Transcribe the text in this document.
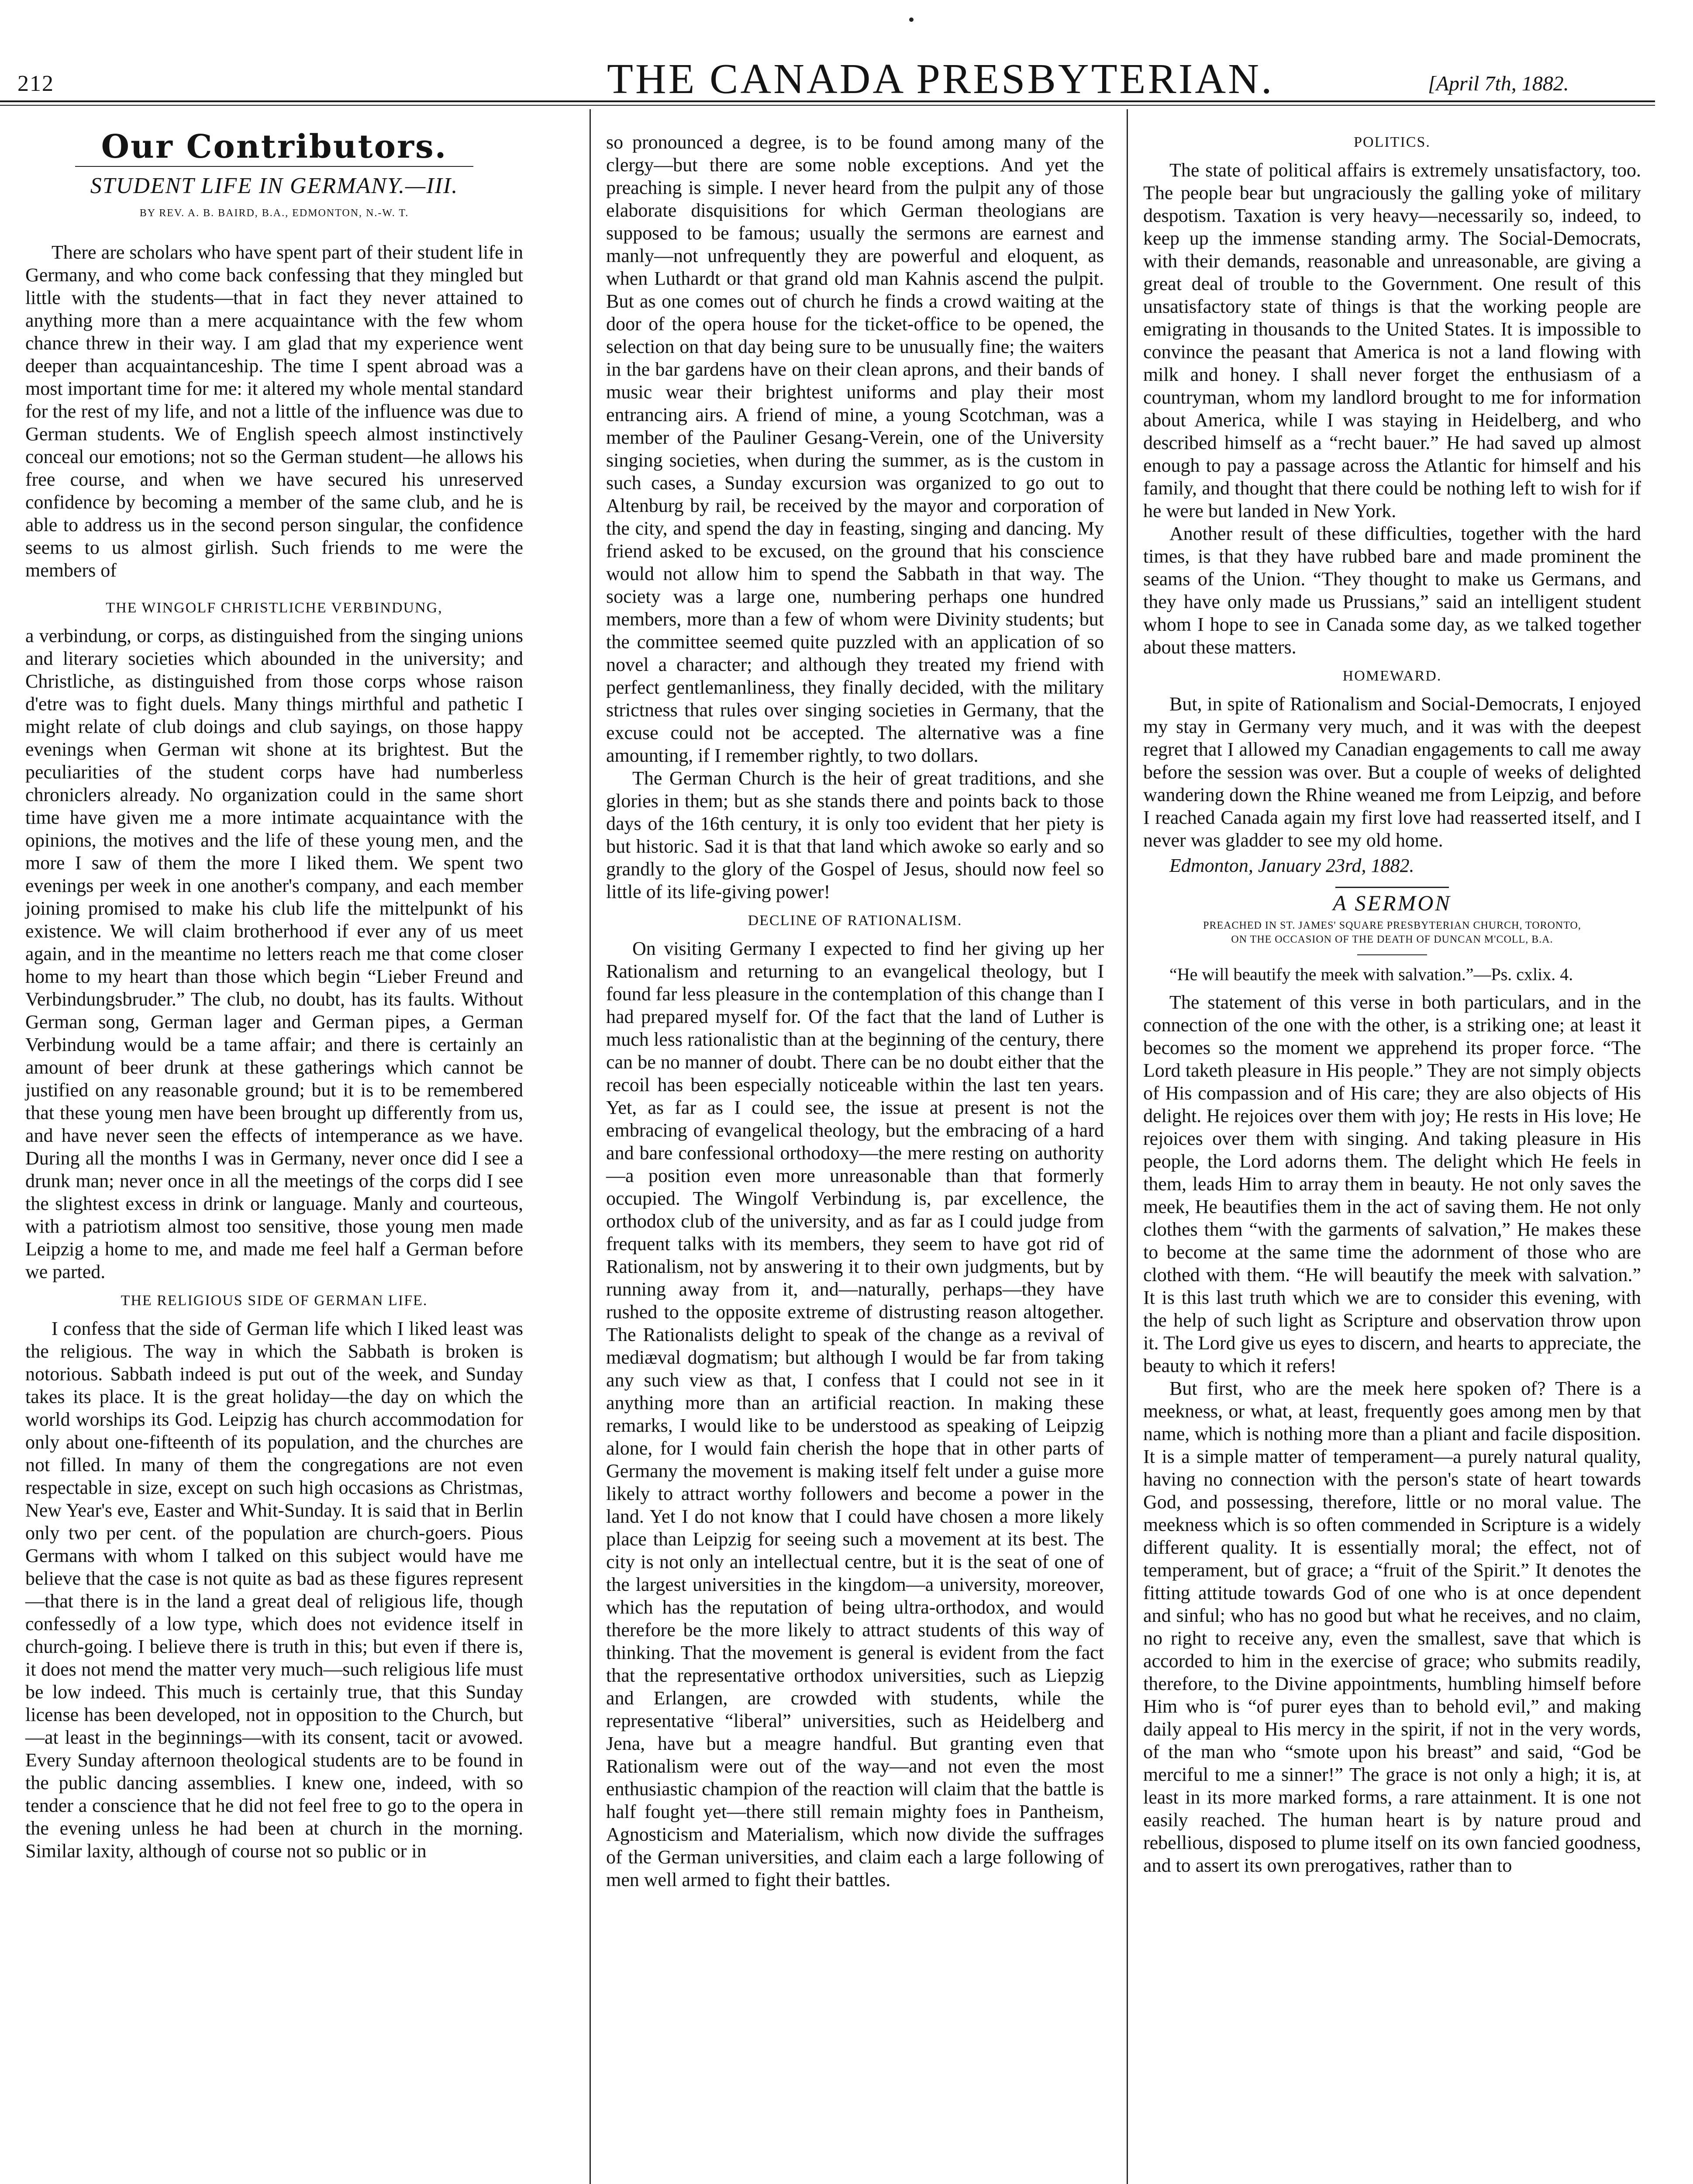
212	THE CANADA PRESBYTERIAN.	[April 7th, 1882.
Our Contributors.
STUDENT LIFE IN GERMANY.—III.
BY REV. A. B. BAIRD, B.A., EDMONTON, N.-W. T.

There are scholars who have spent part of their student life in Germany, and who come back confessing that they mingled but little with the students—that in fact they never attained to anything more than a mere acquaintance with the few whom chance threw in their way. I am glad that my experience went deeper than acquaintanceship. The time I spent abroad was a most important time for me: it altered my whole mental standard for the rest of my life, and not a little of the influence was due to German students. We of English speech almost instinctively conceal our emotions; not so the German student—he allows his free course, and when we have secured his unreserved confidence by becoming a member of the same club, and he is able to address us in the second person singular, the confidence seems to us almost girlish. Such friends to me were the members of

THE WINGOLF CHRISTLICHE VERBINDUNG,

a verbindung, or corps, as distinguished from the singing unions and literary societies which abounded in the university; and Christliche, as distinguished from those corps whose raison d'etre was to fight duels. Many things mirthful and pathetic I might relate of club doings and club sayings, on those happy evenings when German wit shone at its brightest. But the peculiarities of the student corps have had numberless chroniclers already. No organization could in the same short time have given me a more intimate acquaintance with the opinions, the motives and the life of these young men, and the more I saw of them the more I liked them. We spent two evenings per week in one another's company, and each member joining promised to make his club life the mittelpunkt of his existence. We will claim brotherhood if ever any of us meet again, and in the meantime no letters reach me that come closer home to my heart than those which begin “Lieber Freund and Verbindungsbruder.” The club, no doubt, has its faults. Without German song, German lager and German pipes, a German Verbindung would be a tame affair; and there is certainly an amount of beer drunk at these gatherings which cannot be justified on any reasonable ground; but it is to be remembered that these young men have been brought up differently from us, and have never seen the effects of intemperance as we have. During all the months I was in Germany, never once did I see a drunk man; never once in all the meetings of the corps did I see the slightest excess in drink or language. Manly and courteous, with a patriotism almost too sensitive, those young men made Leipzig a home to me, and made me feel half a German before we parted.

THE RELIGIOUS SIDE OF GERMAN LIFE.

I confess that the side of German life which I liked least was the religious. The way in which the Sabbath is broken is notorious. Sabbath indeed is put out of the week, and Sunday takes its place. It is the great holiday—the day on which the world worships its God. Leipzig has church accommodation for only about one-fifteenth of its population, and the churches are not filled. In many of them the congregations are not even respectable in size, except on such high occasions as Christmas, New Year's eve, Easter and Whit-Sunday. It is said that in Berlin only two per cent. of the population are church-goers. Pious Germans with whom I talked on this subject would have me believe that the case is not quite as bad as these figures represent—that there is in the land a great deal of religious life, though confessedly of a low type, which does not evidence itself in church-going. I believe there is truth in this; but even if there is, it does not mend the matter very much—such religious life must be low indeed. This much is certainly true, that this Sunday license has been developed, not in opposition to the Church, but—at least in the beginnings—with its consent, tacit or avowed. Every Sunday afternoon theological students are to be found in the public dancing assemblies. I knew one, indeed, with so tender a conscience that he did not feel free to go to the opera in the evening unless he had been at church in the morning. Similar laxity, although of course not so public or in

so pronounced a degree, is to be found among many of the clergy—but there are some noble exceptions. And yet the preaching is simple. I never heard from the pulpit any of those elaborate disquisitions for which German theologians are supposed to be famous; usually the sermons are earnest and manly—not unfrequently they are powerful and eloquent, as when Luthardt or that grand old man Kahnis ascend the pulpit. But as one comes out of church he finds a crowd waiting at the door of the opera house for the ticket-office to be opened, the selection on that day being sure to be unusually fine; the waiters in the bar gardens have on their clean aprons, and their bands of music wear their brightest uniforms and play their most entrancing airs. A friend of mine, a young Scotchman, was a member of the Pauliner Gesang-Verein, one of the University singing societies, when during the summer, as is the custom in such cases, a Sunday excursion was organized to go out to Altenburg by rail, be received by the mayor and corporation of the city, and spend the day in feasting, singing and dancing. My friend asked to be excused, on the ground that his conscience would not allow him to spend the Sabbath in that way. The society was a large one, numbering perhaps one hundred members, more than a few of whom were Divinity students; but the committee seemed quite puzzled with an application of so novel a character; and although they treated my friend with perfect gentlemanliness, they finally decided, with the military strictness that rules over singing societies in Germany, that the excuse could not be accepted. The alternative was a fine amounting, if I remember rightly, to two dollars.

The German Church is the heir of great traditions, and she glories in them; but as she stands there and points back to those days of the 16th century, it is only too evident that her piety is but historic. Sad it is that that land which awoke so early and so grandly to the glory of the Gospel of Jesus, should now feel so little of its life-giving power!

DECLINE OF RATIONALISM.

On visiting Germany I expected to find her giving up her Rationalism and returning to an evangelical theology, but I found far less pleasure in the contemplation of this change than I had prepared myself for. Of the fact that the land of Luther is much less rationalistic than at the beginning of the century, there can be no manner of doubt. There can be no doubt either that the recoil has been especially noticeable within the last ten years. Yet, as far as I could see, the issue at present is not the embracing of evangelical theology, but the embracing of a hard and bare confessional orthodoxy—the mere resting on authority—a position even more unreasonable than that formerly occupied. The Wingolf Verbindung is, par excellence, the orthodox club of the university, and as far as I could judge from frequent talks with its members, they seem to have got rid of Rationalism, not by answering it to their own judgments, but by running away from it, and—naturally, perhaps—they have rushed to the opposite extreme of distrusting reason altogether. The Rationalists delight to speak of the change as a revival of mediæval dogmatism; but although I would be far from taking any such view as that, I confess that I could not see in it anything more than an artificial reaction. In making these remarks, I would like to be understood as speaking of Leipzig alone, for I would fain cherish the hope that in other parts of Germany the movement is making itself felt under a guise more likely to attract worthy followers and become a power in the land. Yet I do not know that I could have chosen a more likely place than Leipzig for seeing such a movement at its best. The city is not only an intellectual centre, but it is the seat of one of the largest universities in the kingdom—a university, moreover, which has the reputation of being ultra-orthodox, and would therefore be the more likely to attract students of this way of thinking. That the movement is general is evident from the fact that the representative orthodox universities, such as Liepzig and Erlangen, are crowded with students, while the representative “liberal” universities, such as Heidelberg and Jena, have but a meagre handful. But granting even that Rationalism were out of the way—and not even the most enthusiastic champion of the reaction will claim that the battle is half fought yet—there still remain mighty foes in Pantheism, Agnosticism and Materialism, which now divide the suffrages of the German universities, and claim each a large following of men well armed to fight their battles.

POLITICS.

The state of political affairs is extremely unsatisfactory, too. The people bear but ungraciously the galling yoke of military despotism. Taxation is very heavy—necessarily so, indeed, to keep up the immense standing army. The Social-Democrats, with their demands, reasonable and unreasonable, are giving a great deal of trouble to the Government. One result of this unsatisfactory state of things is that the working people are emigrating in thousands to the United States. It is impossible to convince the peasant that America is not a land flowing with milk and honey. I shall never forget the enthusiasm of a countryman, whom my landlord brought to me for information about America, while I was staying in Heidelberg, and who described himself as a “recht bauer.” He had saved up almost enough to pay a passage across the Atlantic for himself and his family, and thought that there could be nothing left to wish for if he were but landed in New York.

Another result of these difficulties, together with the hard times, is that they have rubbed bare and made prominent the seams of the Union. “They thought to make us Germans, and they have only made us Prussians,” said an intelligent student whom I hope to see in Canada some day, as we talked together about these matters.

HOMEWARD.

But, in spite of Rationalism and Social-Democrats, I enjoyed my stay in Germany very much, and it was with the deepest regret that I allowed my Canadian engagements to call me away before the session was over. But a couple of weeks of delighted wandering down the Rhine weaned me from Leipzig, and before I reached Canada again my first love had reasserted itself, and I never was gladder to see my old home.

Edmonton, January 23rd, 1882.
A SERMON
PREACHED IN ST. JAMES' SQUARE PRESBYTERIAN CHURCH, TORONTO,
ON THE OCCASION OF THE DEATH OF DUNCAN M'COLL, B.A.
“He will beautify the meek with salvation.”—Ps. cxlix. 4.

The statement of this verse in both particulars, and in the connection of the one with the other, is a striking one; at least it becomes so the moment we apprehend its proper force. “The Lord taketh pleasure in His people.” They are not simply objects of His compassion and of His care; they are also objects of His delight. He rejoices over them with joy; He rests in His love; He rejoices over them with singing. And taking pleasure in His people, the Lord adorns them. The delight which He feels in them, leads Him to array them in beauty. He not only saves the meek, He beautifies them in the act of saving them. He not only clothes them “with the garments of salvation,” He makes these to become at the same time the adornment of those who are clothed with them. “He will beautify the meek with salvation.” It is this last truth which we are to consider this evening, with the help of such light as Scripture and observation throw upon it. The Lord give us eyes to discern, and hearts to appreciate, the beauty to which it refers!

But first, who are the meek here spoken of? There is a meekness, or what, at least, frequently goes among men by that name, which is nothing more than a pliant and facile disposition. It is a simple matter of temperament—a purely natural quality, having no connection with the person's state of heart towards God, and possessing, therefore, little or no moral value. The meekness which is so often commended in Scripture is a widely different quality. It is essentially moral; the effect, not of temperament, but of grace; a “fruit of the Spirit.” It denotes the fitting attitude towards God of one who is at once dependent and sinful; who has no good but what he receives, and no claim, no right to receive any, even the smallest, save that which is accorded to him in the exercise of grace; who submits readily, therefore, to the Divine appointments, humbling himself before Him who is “of purer eyes than to behold evil,” and making daily appeal to His mercy in the spirit, if not in the very words, of the man who “smote upon his breast” and said, “God be merciful to me a sinner!” The grace is not only a high; it is, at least in its more marked forms, a rare attainment. It is one not easily reached. The human heart is by nature proud and rebellious, disposed to plume itself on its own fancied goodness, and to assert its own prerogatives, rather than to
